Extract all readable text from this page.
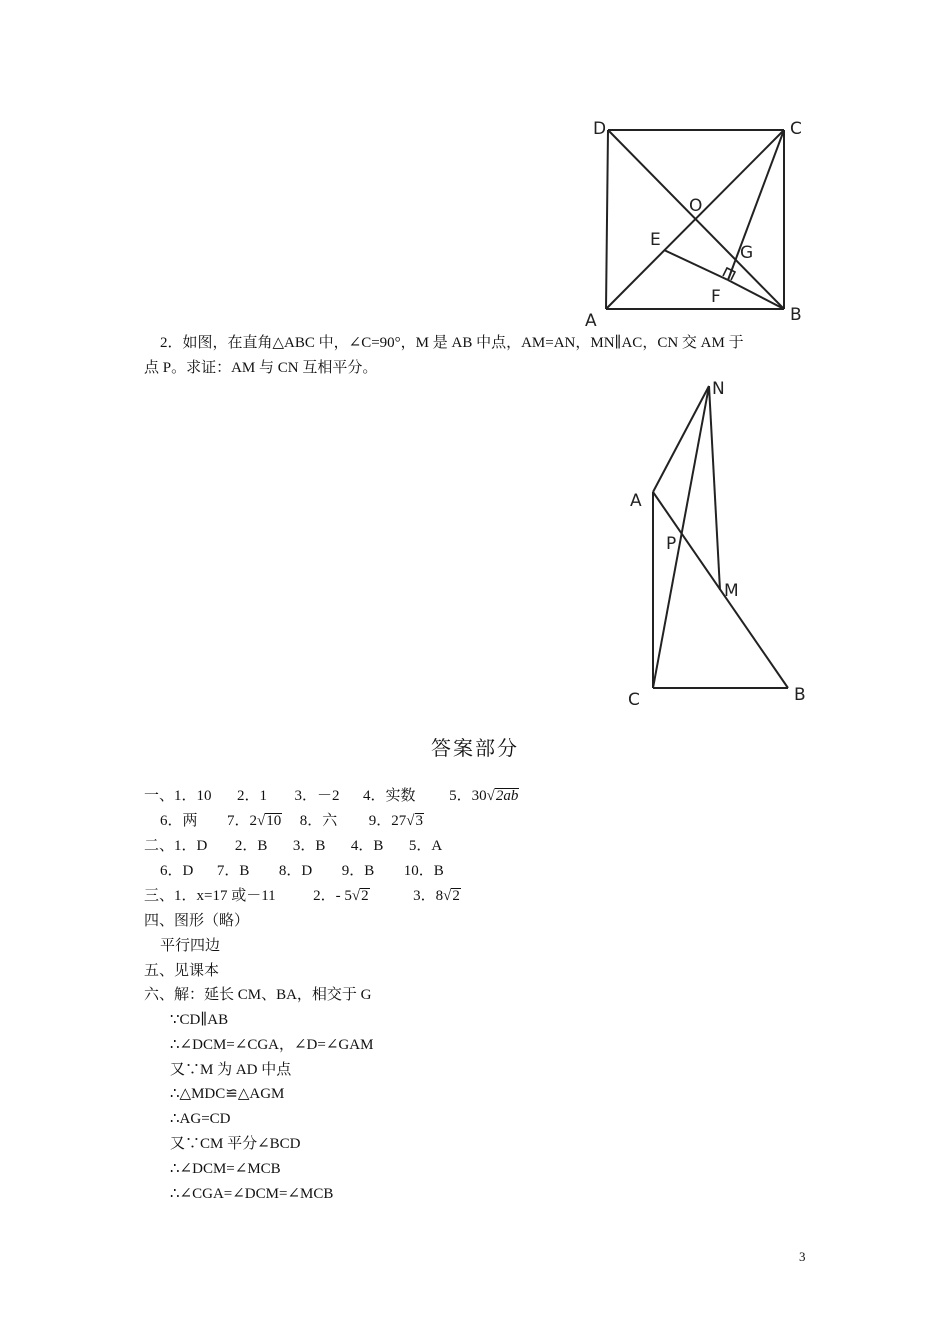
D	C
A	B
O
E
G
F
2．如图，在直角△ABC 中，∠C=90°，M 是 AB 中点，AM=AN，MN∥AC，CN 交 AM 于
点 P。求证：AM 与 CN 互相平分。
N
A
P
M
C	B
答案部分
一、1．10 2．1 3．－2 4．实数 5．30√2ab
6．两 7．2√10 8．六 9．27√3
二、1．D 2．B 3．B 4．B 5．A
6．D 7．B 8．D 9．B 10．B
三、1．x=17 或－11	2．- 5√2	3．8√2
四、图形（略）
平行四边
五、见课本
六、解：延长 CM、BA，相交于 G
∵CD∥AB
∴∠DCM=∠CGA，∠D=∠GAM
又∵M 为 AD 中点
∴△MDC≌△AGM
∴AG=CD
又∵CM 平分∠BCD
∴∠DCM=∠MCB
∴∠CGA=∠DCM=∠MCB
3
